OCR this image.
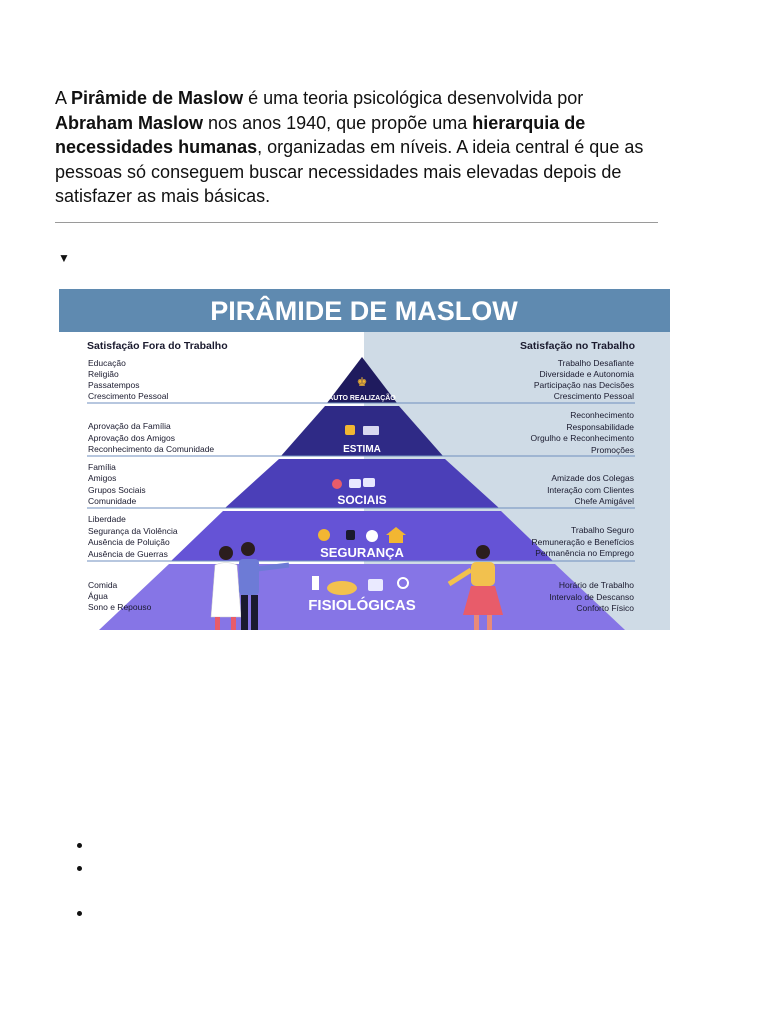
A Pirâmide de Maslow é uma teoria psicológica desenvolvida por Abraham Maslow nos anos 1940, que propõe uma hierarquia de necessidades humanas, organizadas em níveis. A ideia central é que as pessoas só conseguem buscar necessidades mais elevadas depois de satisfazer as mais básicas.

▼
PIRÂMIDE DE MASLOW
Satisfação Fora do Trabalho	Satisfação no Trabalho
♚
AUTO REALIZAÇÃO
ESTIMA
SOCIAIS
SEGURANÇA
FISIOLÓGICAS
Educação
Religião
Passatempos
Crescimento Pessoal
Aprovação da Família
Aprovação dos Amigos
Reconhecimento da Comunidade
Família
Amigos
Grupos Sociais
Comunidade
Liberdade
Segurança da Violência
Ausência de Poluição
Ausência de Guerras
Comida
Água
Sono e Repouso
Trabalho Desafiante
Diversidade e Autonomia
Participação nas Decisões
Crescimento Pessoal
Reconhecimento
Responsabilidade
Orgulho e Reconhecimento
Promoções
Amizade dos Colegas
Interação com Clientes
Chefe Amigável
Trabalho Seguro
Remuneração e Benefícios
Permanência no Emprego
Horário de Trabalho
Intervalo de Descanso
Conforto Físico
